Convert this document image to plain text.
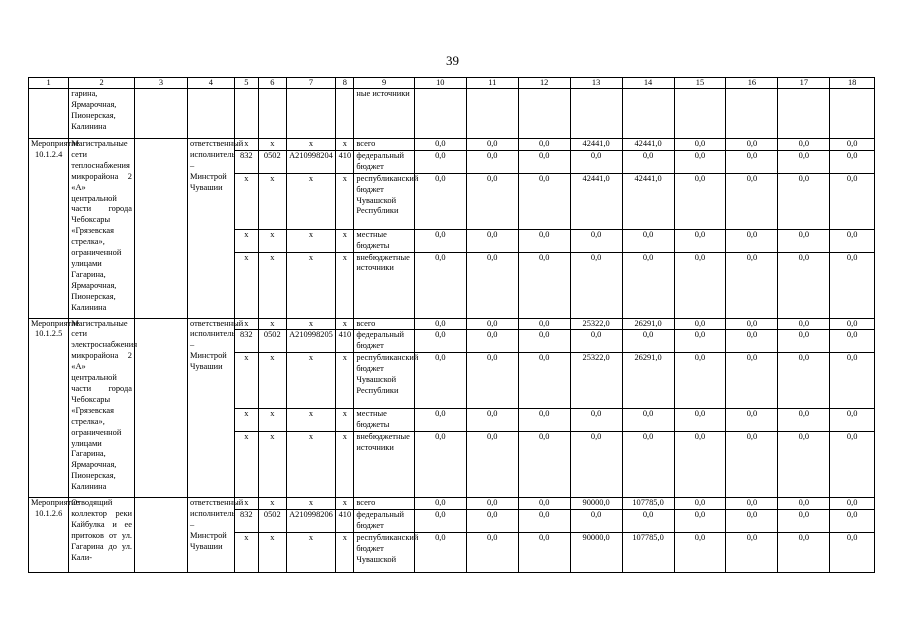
39
1	2	3	4	5	6	7	8	9	10	11	12	13	14	15	16	17	18
	гарина, Ярмарочная, Пионерская, Калинина							ные источники									
Мероприятие 10.1.2.4	Магистральные сети теплоснабжения микрорайона 2 «А» центральной части города Чебоксары «Грязевская стрелка», ограниченной улицами Гагарина, Ярмарочная, Пионерская, Калинина		ответственный исполнитель – Минстрой Чувашии	х	х	х	х	всего	0,0	0,0	0,0	42441,0	42441,0	0,0	0,0	0,0	0,0
				832	0502	А210998204	410	федеральный бюджет	0,0	0,0	0,0	0,0	0,0	0,0	0,0	0,0	0,0
				х	х	х	х	республиканский бюджет Чувашской Республики	0,0	0,0	0,0	42441,0	42441,0	0,0	0,0	0,0	0,0
				х	х	х	х	местные бюджеты	0,0	0,0	0,0	0,0	0,0	0,0	0,0	0,0	0,0
				х	х	х	х	внебюджетные источники	0,0	0,0	0,0	0,0	0,0	0,0	0,0	0,0	0,0
Мероприятие 10.1.2.5	Магистральные сети электроснабжения микрорайона 2 «А» центральной части города Чебоксары «Грязевская стрелка», ограниченной улицами Гагарина, Ярмарочная, Пионерская, Калинина		ответственный исполнитель – Минстрой Чувашии	х	х	х	х	всего	0,0	0,0	0,0	25322,0	26291,0	0,0	0,0	0,0	0,0
				832	0502	А210998205	410	федеральный бюджет	0,0	0,0	0,0	0,0	0,0	0,0	0,0	0,0	0,0
				х	х	х	х	республиканский бюджет Чувашской Республики	0,0	0,0	0,0	25322,0	26291,0	0,0	0,0	0,0	0,0
				х	х	х	х	местные бюджеты	0,0	0,0	0,0	0,0	0,0	0,0	0,0	0,0	0,0
				х	х	х	х	внебюджетные источники	0,0	0,0	0,0	0,0	0,0	0,0	0,0	0,0	0,0
Мероприятие 10.1.2.6	Отводящий коллектор реки Кайбулка и ее притоков от ул. Гагарина до ул. Кали-		ответственный исполнитель – Минстрой Чувашии	х	х	х	х	всего	0,0	0,0	0,0	90000,0	107785,0	0,0	0,0	0,0	0,0
				832	0502	А210998206	410	федеральный бюджет	0,0	0,0	0,0	0,0	0,0	0,0	0,0	0,0	0,0
				х	х	х	х	республиканский бюджет Чувашской	0,0	0,0	0,0	90000,0	107785,0	0,0	0,0	0,0	0,0
